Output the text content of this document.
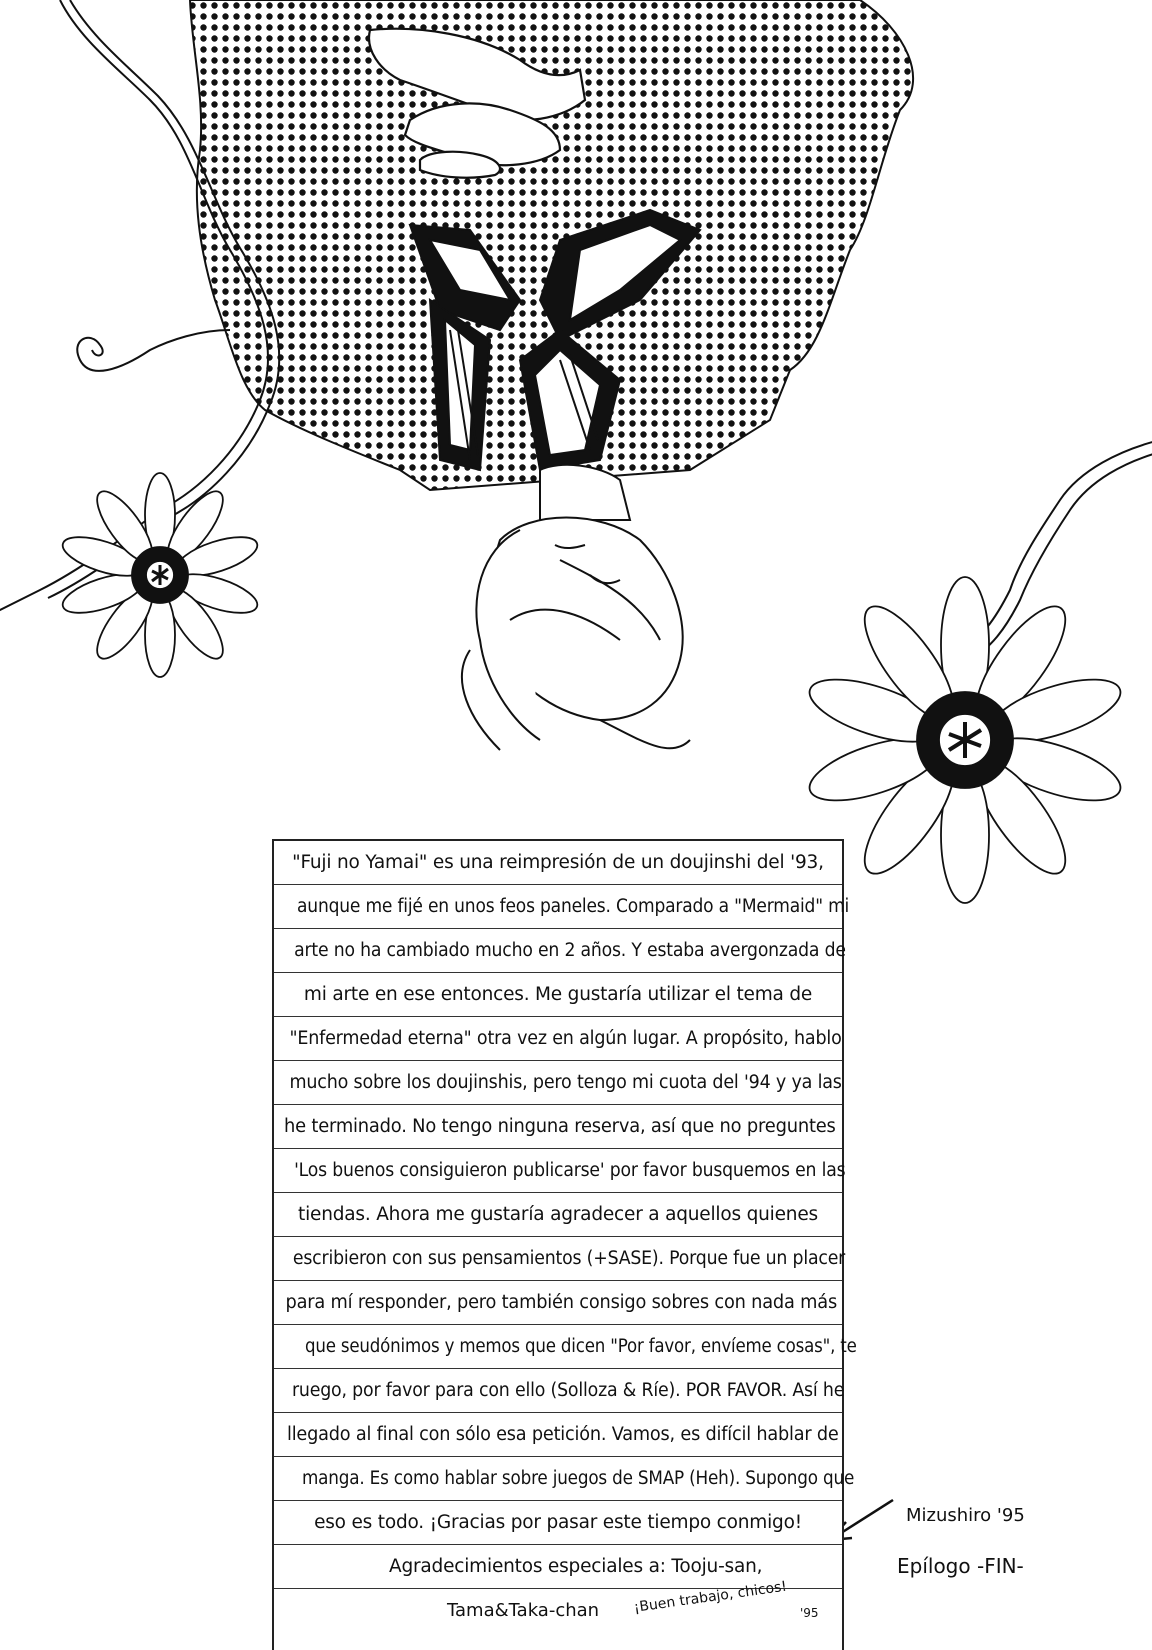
"Fuji no Yamai" es una reimpresión de un doujinshi del '93,
aunque me fijé en unos feos paneles. Comparado a "Mermaid" mi
arte no ha cambiado mucho en 2 años. Y estaba avergonzada de
mi arte en ese entonces. Me gustaría utilizar el tema de
"Enfermedad eterna" otra vez en algún lugar. A propósito, hablo
mucho sobre los doujinshis, pero tengo mi cuota del '94 y ya las
he terminado. No tengo ninguna reserva, así que no preguntes
'Los buenos consiguieron publicarse' por favor busquemos en las
tiendas. Ahora me gustaría agradecer a aquellos quienes
escribieron con sus pensamientos (+SASE). Porque fue un placer
para mí responder, pero también consigo sobres con nada más
que seudónimos y memos que dicen "Por favor, envíeme cosas", te
ruego, por favor para con ello (Solloza & Ríe). POR FAVOR. Así he
llegado al final con sólo esa petición. Vamos, es difícil hablar de
manga. Es como hablar sobre juegos de SMAP (Heh). Supongo que
eso es todo. ¡Gracias por pasar este tiempo conmigo!
Agradecimientos especiales a: Tooju-san,
Tama&Taka-chan ¡Buen trabajo, chicos! '95
Mizushiro '95
Epílogo -FIN-
